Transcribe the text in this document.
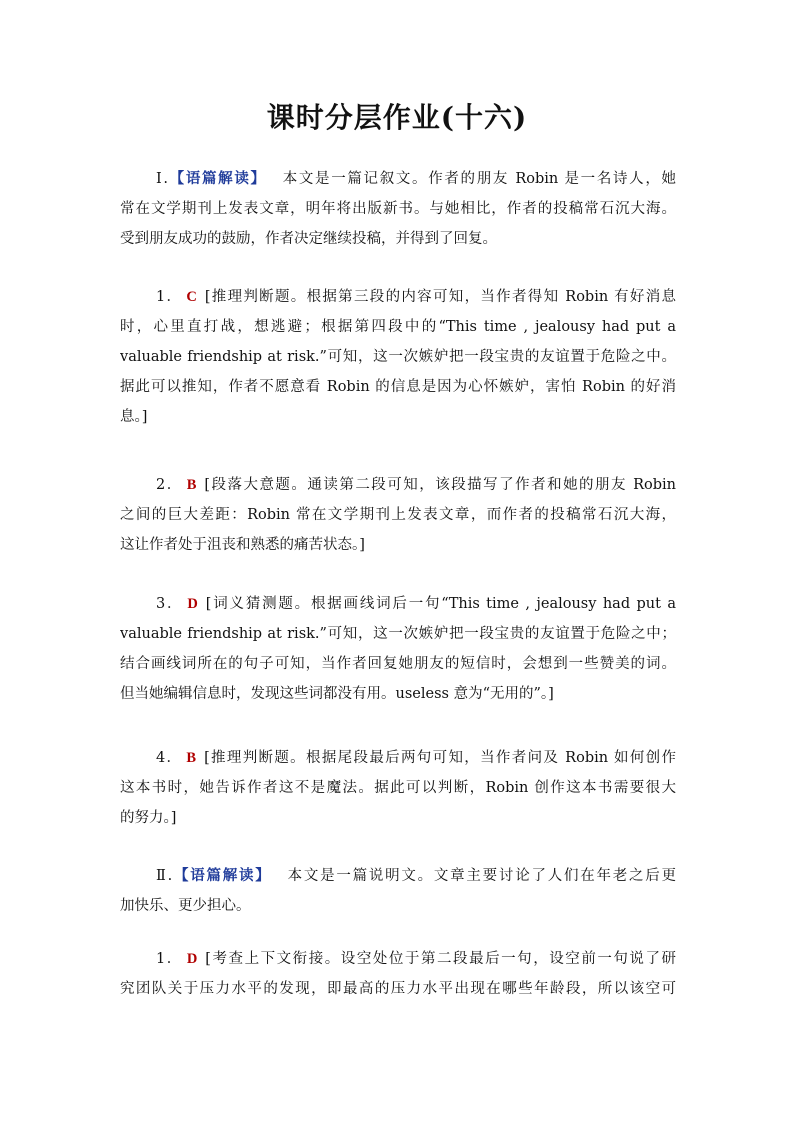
课时分层作业(十六)
Ⅰ.【语篇解读】 本文是一篇记叙文。作者的朋友 Robin 是一名诗人，她
常在文学期刊上发表文章，明年将出版新书。与她相比，作者的投稿常石沉大海。
受到朋友成功的鼓励，作者决定继续投稿，并得到了回复。
1． C [推理判断题。根据第三段的内容可知，当作者得知 Robin 有好消息
时，心里直打战，想逃避；根据第四段中的“This time , jealousy had put a
valuable friendship at risk.”可知，这一次嫉妒把一段宝贵的友谊置于危险之中。
据此可以推知，作者不愿意看 Robin 的信息是因为心怀嫉妒，害怕 Robin 的好消
息。]
2． B [段落大意题。通读第二段可知，该段描写了作者和她的朋友 Robin
之间的巨大差距：Robin 常在文学期刊上发表文章，而作者的投稿常石沉大海，
这让作者处于沮丧和熟悉的痛苦状态。]
3． D [词义猜测题。根据画线词后一句“This time , jealousy had put a
valuable friendship at risk.”可知，这一次嫉妒把一段宝贵的友谊置于危险之中；
结合画线词所在的句子可知，当作者回复她朋友的短信时，会想到一些赞美的词。
但当她编辑信息时，发现这些词都没有用。useless 意为“无用的”。]
4． B [推理判断题。根据尾段最后两句可知，当作者问及 Robin 如何创作
这本书时，她告诉作者这不是魔法。据此可以判断，Robin 创作这本书需要很大
的努力。]
Ⅱ.【语篇解读】 本文是一篇说明文。文章主要讨论了人们在年老之后更
加快乐、更少担心。
1． D [考查上下文衔接。设空处位于第二段最后一句，设空前一句说了研
究团队关于压力水平的发现，即最高的压力水平出现在哪些年龄段，所以该空可
